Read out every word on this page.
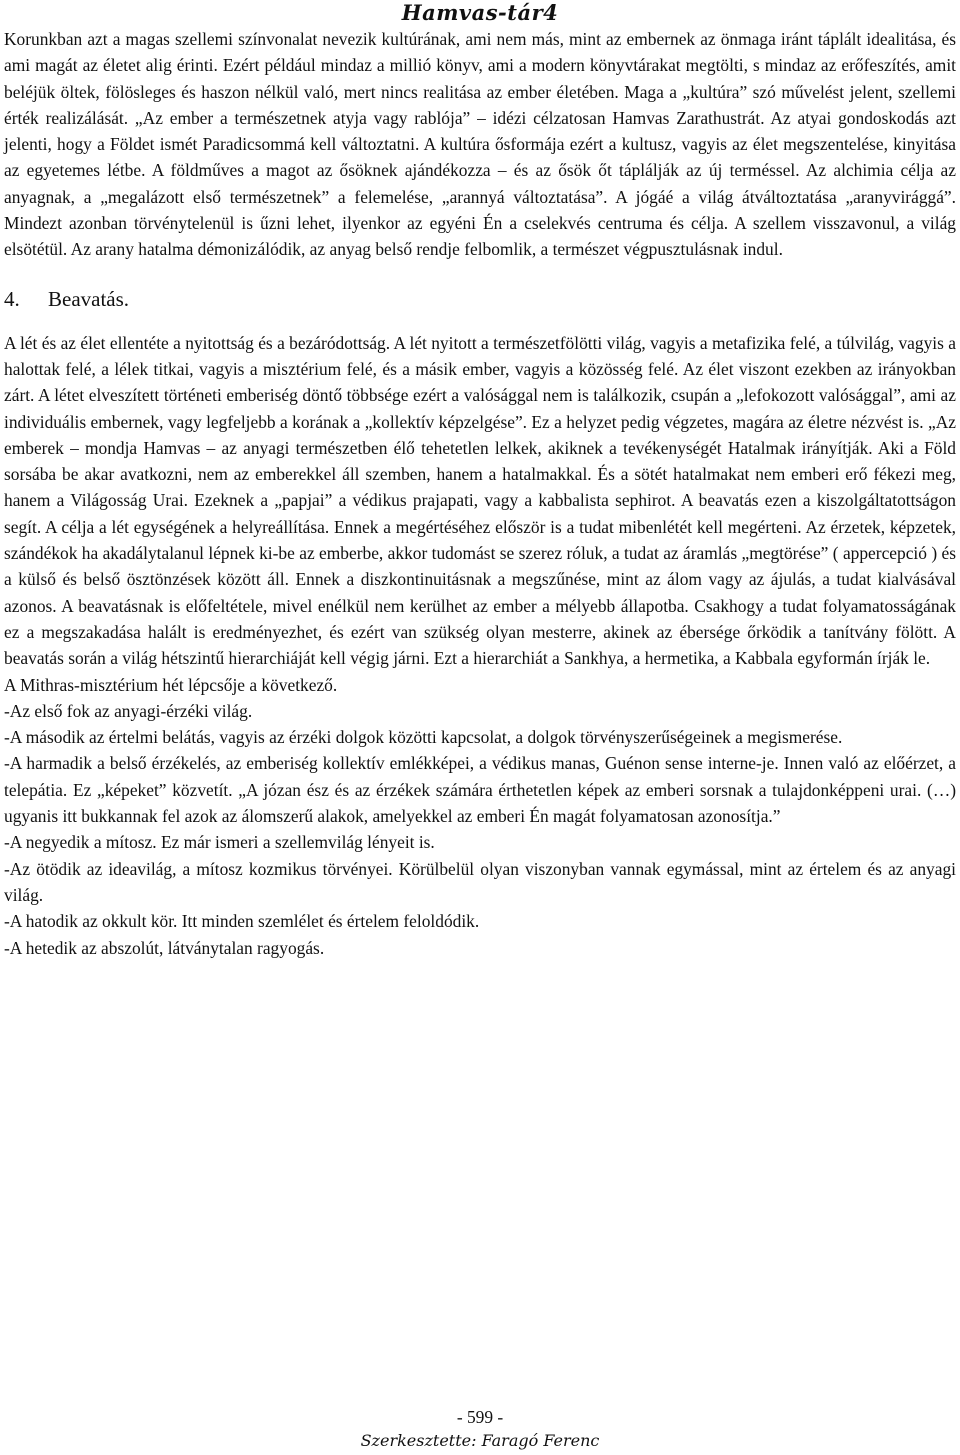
Hamvas-tár4

Korunkban azt a magas szellemi színvonalat nevezik kultúrának, ami nem más, mint az embernek az önmaga iránt táplált idealitása, és ami magát az életet alig érinti. Ezért például mindaz a millió könyv, ami a modern könyvtárakat megtölti, s mindaz az erőfeszítés, amit beléjük öltek, fölösleges és haszon nélkül való, mert nincs realitása az ember életében. Maga a „kultúra” szó művelést jelent, szellemi érték realizálását. „Az ember a természetnek atyja vagy rablója” – idézi célzatosan Hamvas Zarathustrát. Az atyai gondoskodás azt jelenti, hogy a Földet ismét Paradicsommá kell változtatni. A kultúra ősformája ezért a kultusz, vagyis az élet megszentelése, kinyitása az egyetemes létbe. A földműves a magot az ősöknek ajándékozza – és az ősök őt táplálják az új terméssel. Az alchimia célja az anyagnak, a „megalázott első természetnek” a felemelése, „arannyá változtatása”. A jógáé a világ átváltoztatása „aranyvirággá”. Mindezt azonban törvénytelenül is űzni lehet, ilyenkor az egyéni Én a cselekvés centruma és célja. A szellem visszavonul, a világ elsötétül. Az arany hatalma démonizálódik, az anyag belső rendje felbomlik, a természet végpusztulásnak indul.

4. Beavatás.

A lét és az élet ellentéte a nyitottság és a bezáródottság. A lét nyitott a természetfölötti világ, vagyis a metafizika felé, a túlvilág, vagyis a halottak felé, a lélek titkai, vagyis a misztérium felé, és a másik ember, vagyis a közösség felé. Az élet viszont ezekben az irányokban zárt. A létet elveszített történeti emberiség döntő többsége ezért a valósággal nem is találkozik, csupán a „lefokozott valósággal”, ami az individuális embernek, vagy legfeljebb a korának a „kollektív képzelgése”. Ez a helyzet pedig végzetes, magára az életre nézvést is. „Az emberek – mondja Hamvas – az anyagi természetben élő tehetetlen lelkek, akiknek a tevékenységét Hatalmak irányítják. Aki a Föld sorsába be akar avatkozni, nem az emberekkel áll szemben, hanem a hatalmakkal. És a sötét hatalmakat nem emberi erő fékezi meg, hanem a Világosság Urai. Ezeknek a „papjai” a védikus prajapati, vagy a kabbalista sephirot. A beavatás ezen a kiszolgáltatottságon segít. A célja a lét egységének a helyreállítása. Ennek a megértéséhez először is a tudat mibenlétét kell megérteni. Az érzetek, képzetek, szándékok ha akadálytalanul lépnek ki-be az emberbe, akkor tudomást se szerez róluk, a tudat az áramlás „megtörése” ( appercepció ) és a külső és belső ösztönzések között áll. Ennek a diszkontinuitásnak a megszűnése, mint az álom vagy az ájulás, a tudat kialvásával azonos. A beavatásnak is előfeltétele, mivel enélkül nem kerülhet az ember a mélyebb állapotba. Csakhogy a tudat folyamatosságának ez a megszakadása halált is eredményezhet, és ezért van szükség olyan mesterre, akinek az ébersége őrködik a tanítvány fölött. A beavatás során a világ hétszintű hierarchiáját kell végig járni. Ezt a hierarchiát a Sankhya, a hermetika, a Kabbala egyformán írják le.

A Mithras-misztérium hét lépcsője a következő.

-Az első fok az anyagi-érzéki világ.

-A második az értelmi belátás, vagyis az érzéki dolgok közötti kapcsolat, a dolgok törvényszerűségeinek a megismerése.

-A harmadik a belső érzékelés, az emberiség kollektív emlékképei, a védikus manas, Guénon sense interne-je. Innen való az előérzet, a telepátia. Ez „képeket” közvetít. „A józan ész és az érzékek számára érthetetlen képek az emberi sorsnak a tulajdonképpeni urai. (…) ugyanis itt bukkannak fel azok az álomszerű alakok, amelyekkel az emberi Én magát folyamatosan azonosítja.”

-A negyedik a mítosz. Ez már ismeri a szellemvilág lényeit is.

-Az ötödik az ideavilág, a mítosz kozmikus törvényei. Körülbelül olyan viszonyban vannak egymással, mint az értelem és az anyagi világ.

-A hatodik az okkult kör. Itt minden szemlélet és értelem feloldódik.

-A hetedik az abszolút, látványtalan ragyogás.

- 599 -
Szerkesztette: Faragó Ferenc
